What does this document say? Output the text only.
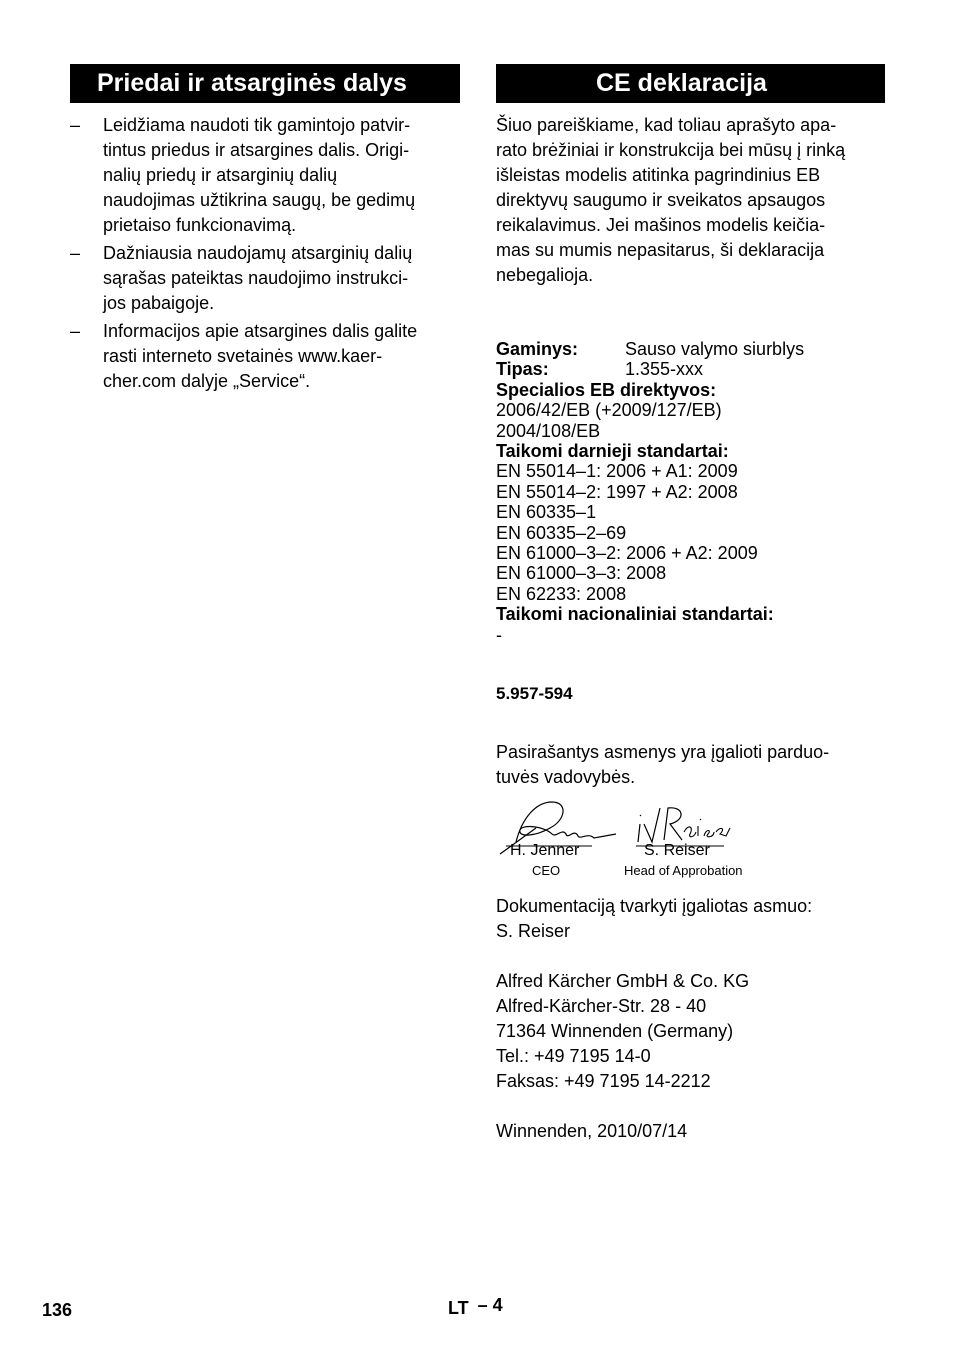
Priedai ir atsarginės dalys
– Leidžiama naudoti tik gamintojo patvir-
tintus priedus ir atsargines dalis. Origi-
nalių priedų ir atsarginių dalių
naudojimas užtikrina saugų, be gedimų
prietaiso funkcionavimą.
– Dažniausia naudojamų atsarginių dalių
sąrašas pateiktas naudojimo instrukci-
jos pabaigoje.
– Informacijos apie atsargines dalis galite
rasti interneto svetainės www.kaer-
cher.com dalyje „Service“.
CE deklaracija

Šiuo pareiškiame, kad toliau aprašyto apa-
rato brėžiniai ir konstrukcija bei mūsų į rinką
išleistas modelis atitinka pagrindinius EB
direktyvų saugumo ir sveikatos apsaugos
reikalavimus. Jei mašinos modelis keičia-
mas su mumis nepasitarus, ši deklaracija
nebegalioja.

Gaminys:	Sauso valymo siurblys
Tipas:	1.355-xxx
Specialios EB direktyvos:
2006/42/EB (+2009/127/EB)
2004/108/EB
Taikomi darnieji standartai:
EN 55014–1: 2006 + A1: 2009
EN 55014–2: 1997 + A2: 2008
EN 60335–1
EN 60335–2–69
EN 61000–3–2: 2006 + A2: 2009
EN 61000–3–3: 2008
EN 62233: 2008
Taikomi nacionaliniai standartai:
-
5.957-594

Pasirašantys asmenys yra įgalioti parduo-
tuvės vadovybės.

H. Jenner
CEO
S. Reiser
Head of Approbation

Dokumentaciją tvarkyti įgaliotas asmuo:
S. Reiser

Alfred Kärcher GmbH & Co. KG
Alfred-Kärcher-Str. 28 - 40
71364 Winnenden (Germany)
Tel.: +49 7195 14-0
Faksas: +49 7195 14-2212

Winnenden, 2010/07/14

136	LT – 4
